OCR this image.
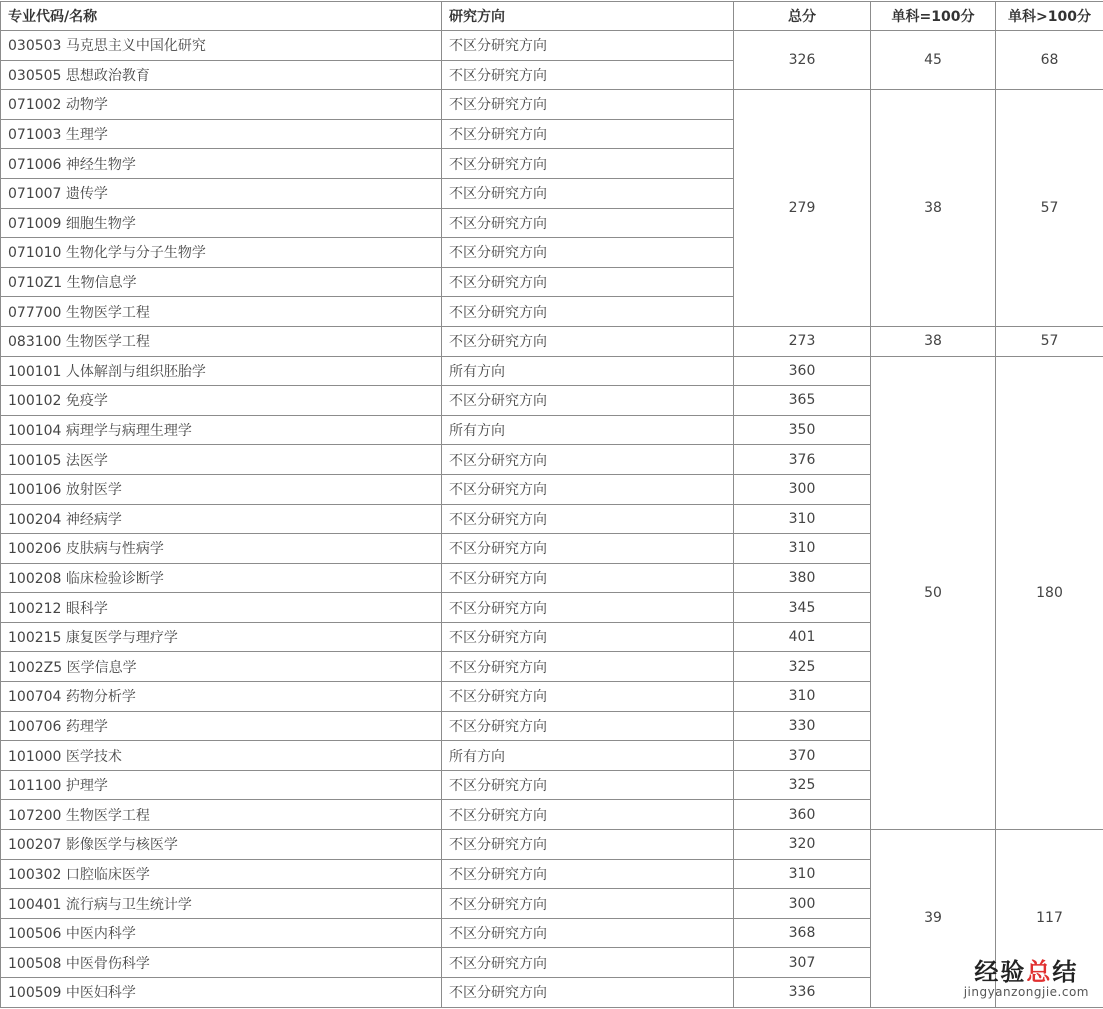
专业代码/名称	研究方向	总分	单科=100分	单科>100分
030503 马克思主义中国化研究	不区分研究方向	326	45	68
030505 思想政治教育	不区分研究方向			
071002 动物学	不区分研究方向	279	38	57
071003 生理学	不区分研究方向			
071006 神经生物学	不区分研究方向			
071007 遗传学	不区分研究方向			
071009 细胞生物学	不区分研究方向			
071010 生物化学与分子生物学	不区分研究方向			
0710Z1 生物信息学	不区分研究方向			
077700 生物医学工程	不区分研究方向			
083100 生物医学工程	不区分研究方向	273	38	57
100101 人体解剖与组织胚胎学	所有方向	360	50	180
100102 免疫学	不区分研究方向	365		
100104 病理学与病理生理学	所有方向	350		
100105 法医学	不区分研究方向	376		
100106 放射医学	不区分研究方向	300		
100204 神经病学	不区分研究方向	310		
100206 皮肤病与性病学	不区分研究方向	310		
100208 临床检验诊断学	不区分研究方向	380		
100212 眼科学	不区分研究方向	345		
100215 康复医学与理疗学	不区分研究方向	401		
1002Z5 医学信息学	不区分研究方向	325		
100704 药物分析学	不区分研究方向	310		
100706 药理学	不区分研究方向	330		
101000 医学技术	所有方向	370		
101100 护理学	不区分研究方向	325		
107200 生物医学工程	不区分研究方向	360		
100207 影像医学与核医学	不区分研究方向	320	39	117
100302 口腔临床医学	不区分研究方向	310		
100401 流行病与卫生统计学	不区分研究方向	300		
100506 中医内科学	不区分研究方向	368		
100508 中医骨伤科学	不区分研究方向	307		
100509 中医妇科学	不区分研究方向	336		
经验总结
jingyanzongjie.com
